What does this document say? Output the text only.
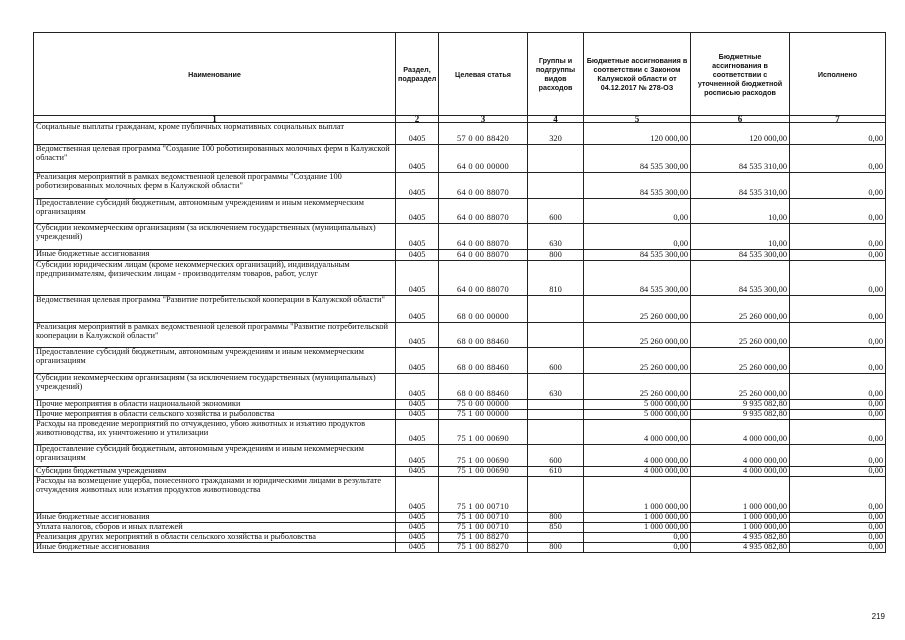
Наименование	Раздел, подраздел	Целевая статья	Группы и подгруппы видов расходов	Бюджетные ассигнования в соответствии с Законом Калужской области от 04.12.2017 № 278-ОЗ	Бюджетные ассигнования в соответствии с уточненной бюджетной росписью расходов	Исполнено
1	2	3	4	5	6	7
Социальные выплаты гражданам, кроме публичных нормативных социальных выплат	0405	57 0 00 88420	320	120 000,00	120 000,00	0,00
Ведомственная целевая программа "Создание 100 роботизированных молочных ферм в Калужской области"	0405	64 0 00 00000		84 535 300,00	84 535 310,00	0,00
Реализация мероприятий в рамках ведомственной целевой программы "Создание 100 роботизированных молочных ферм в Калужской области"	0405	64 0 00 88070		84 535 300,00	84 535 310,00	0,00
Предоставление субсидий бюджетным, автономным учреждениям и иным некоммерческим организациям	0405	64 0 00 88070	600	0,00	10,00	0,00
Субсидии некоммерческим организациям (за исключением государственных (муниципальных) учреждений)	0405	64 0 00 88070	630	0,00	10,00	0,00
Иные бюджетные ассигнования	0405	64 0 00 88070	800	84 535 300,00	84 535 300,00	0,00
Субсидии юридическим лицам (кроме некоммерческих организаций), индивидуальным предпринимателям, физическим лицам - производителям товаров, работ, услуг	0405	64 0 00 88070	810	84 535 300,00	84 535 300,00	0,00
Ведомственная целевая программа "Развитие потребительской кооперации в Калужской области"	0405	68 0 00 00000		25 260 000,00	25 260 000,00	0,00
Реализация мероприятий в рамках ведомственной целевой программы "Развитие потребительской кооперации в Калужской области"	0405	68 0 00 88460		25 260 000,00	25 260 000,00	0,00
Предоставление субсидий бюджетным, автономным учреждениям и иным некоммерческим организациям	0405	68 0 00 88460	600	25 260 000,00	25 260 000,00	0,00
Субсидии некоммерческим организациям (за исключением государственных (муниципальных) учреждений)	0405	68 0 00 88460	630	25 260 000,00	25 260 000,00	0,00
Прочие мероприятия в области национальной экономики	0405	75 0 00 00000		5 000 000,00	9 935 082,80	0,00
Прочие мероприятия в области сельского хозяйства и рыболовства	0405	75 1 00 00000		5 000 000,00	9 935 082,80	0,00
Расходы на проведение мероприятий по отчуждению, убою животных и изъятию продуктов животноводства, их уничтожению и утилизации	0405	75 1 00 00690		4 000 000,00	4 000 000,00	0,00
Предоставление субсидий бюджетным, автономным учреждениям и иным некоммерческим организациям	0405	75 1 00 00690	600	4 000 000,00	4 000 000,00	0,00
Субсидии бюджетным учреждениям	0405	75 1 00 00690	610	4 000 000,00	4 000 000,00	0,00
Расходы на возмещение ущерба, понесенного гражданами и юридическими лицами в результате отчуждения животных или изъятия продуктов животноводства	0405	75 1 00 00710		1 000 000,00	1 000 000,00	0,00
Иные бюджетные ассигнования	0405	75 1 00 00710	800	1 000 000,00	1 000 000,00	0,00
Уплата налогов, сборов и иных платежей	0405	75 1 00 00710	850	1 000 000,00	1 000 000,00	0,00
Реализация других мероприятий в области сельского хозяйства и рыболовства	0405	75 1 00 88270		0,00	4 935 082,80	0,00
Иные бюджетные ассигнования	0405	75 1 00 88270	800	0,00	4 935 082,80	0,00
219
